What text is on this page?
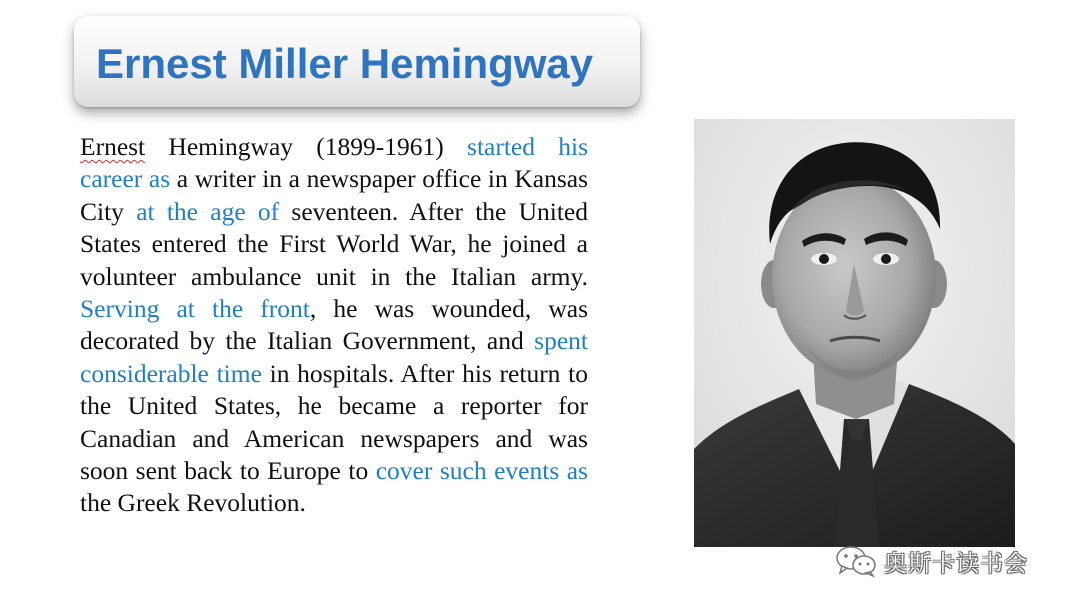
Ernest Miller Hemingway

Ernest Hemingway (1899-1961) started his career as a writer in a newspaper office in Kansas City at the age of seventeen. After the United States entered the First World War, he joined a volunteer ambulance unit in the Italian army. Serving at the front, he was wounded, was decorated by the Italian Government, and spent considerable time in hospitals. After his return to the United States, he became a reporter for Canadian and American newspapers and was soon sent back to Europe to cover such events as the Greek Revolution.

奥斯卡读书会
